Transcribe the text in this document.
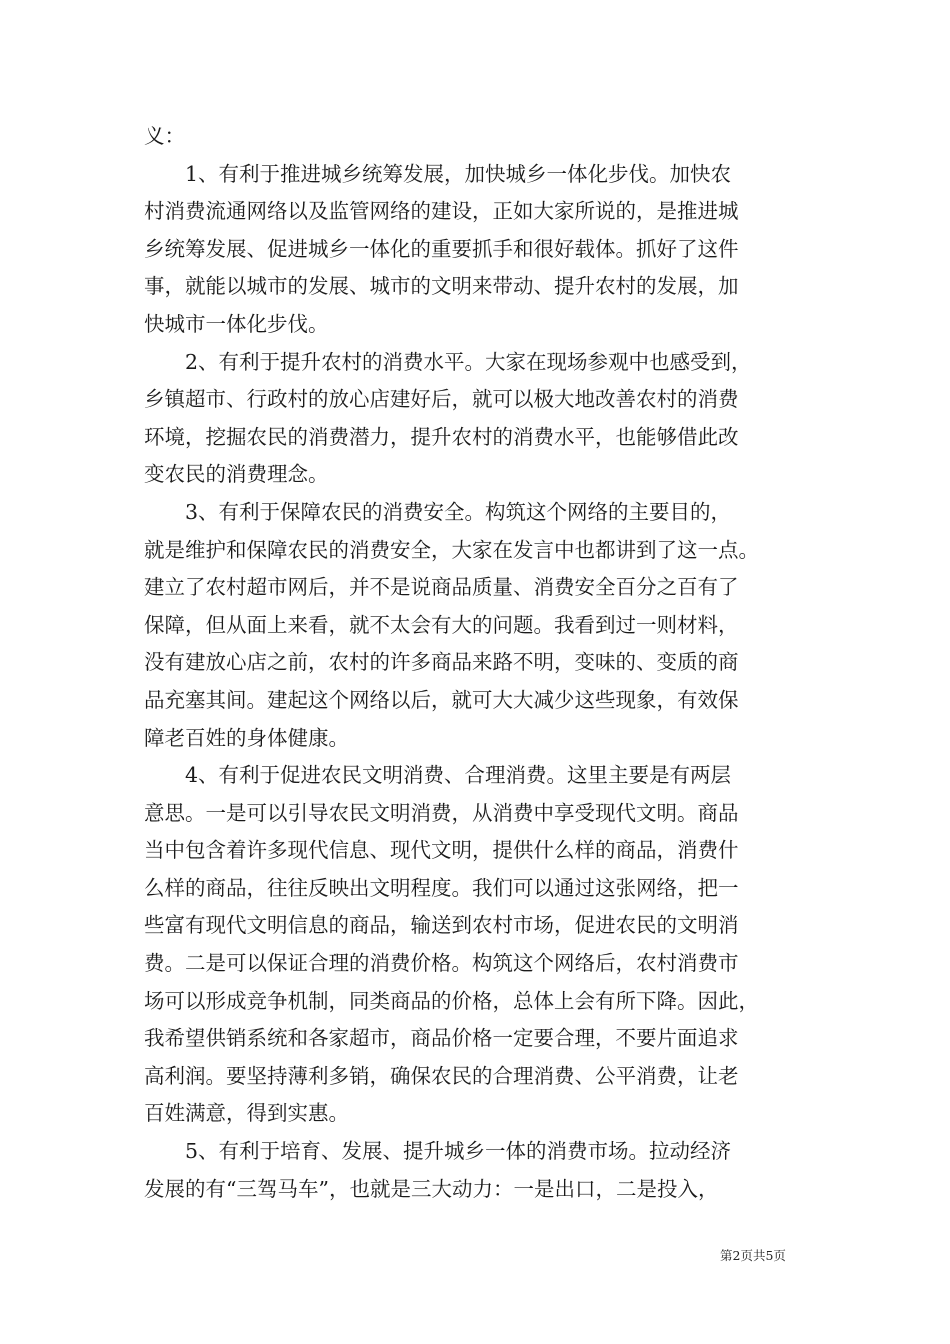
义：

1、有利于推进城乡统筹发展，加快城乡一体化步伐。加快农
村消费流通网络以及监管网络的建设，正如大家所说的，是推进城
乡统筹发展、促进城乡一体化的重要抓手和很好载体。抓好了这件
事，就能以城市的发展、城市的文明来带动、提升农村的发展，加
快城市一体化步伐。

2、有利于提升农村的消费水平。大家在现场参观中也感受到，
乡镇超市、行政村的放心店建好后，就可以极大地改善农村的消费
环境，挖掘农民的消费潜力，提升农村的消费水平，也能够借此改
变农民的消费理念。

3、有利于保障农民的消费安全。构筑这个网络的主要目的，
就是维护和保障农民的消费安全，大家在发言中也都讲到了这一点。
建立了农村超市网后，并不是说商品质量、消费安全百分之百有了
保障，但从面上来看，就不太会有大的问题。我看到过一则材料，
没有建放心店之前，农村的许多商品来路不明，变味的、变质的商
品充塞其间。建起这个网络以后，就可大大减少这些现象，有效保
障老百姓的身体健康。

4、有利于促进农民文明消费、合理消费。这里主要是有两层
意思。一是可以引导农民文明消费，从消费中享受现代文明。商品
当中包含着许多现代信息、现代文明，提供什么样的商品，消费什
么样的商品，往往反映出文明程度。我们可以通过这张网络，把一
些富有现代文明信息的商品，输送到农村市场，促进农民的文明消
费。二是可以保证合理的消费价格。构筑这个网络后，农村消费市
场可以形成竞争机制，同类商品的价格，总体上会有所下降。因此，
我希望供销系统和各家超市，商品价格一定要合理，不要片面追求
高利润。要坚持薄利多销，确保农民的合理消费、公平消费，让老
百姓满意，得到实惠。

5、有利于培育、发展、提升城乡一体的消费市场。拉动经济
发展的有“三驾马车”，也就是三大动力：一是出口，二是投入，

第2页共5页
